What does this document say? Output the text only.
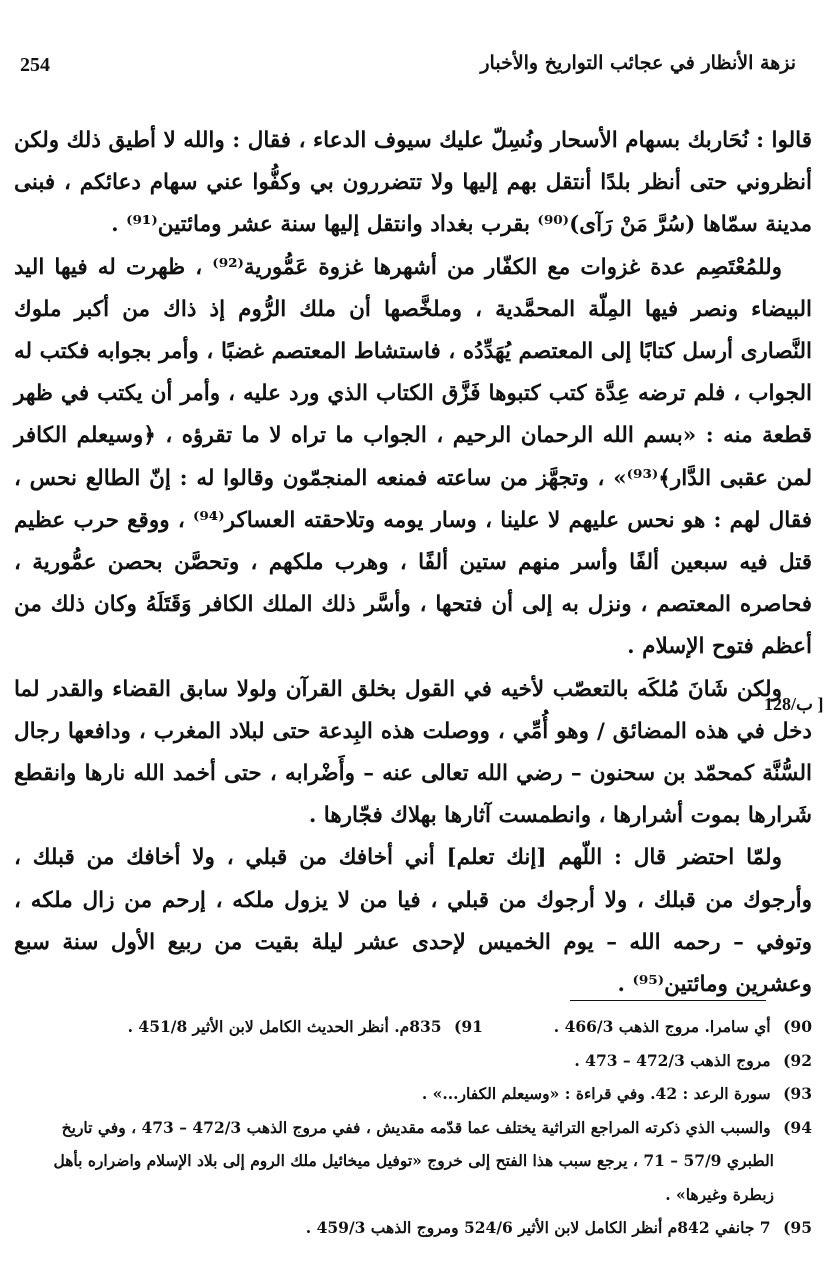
254	نزهة الأنظار في عجائب التواريخ والأخبار

قالوا : نُحَاربك بسهام الأسحار ونُسِلّ عليك سيوف الدعاء ، فقال : والله لا أطيق ذلك ولكن أنظروني حتى أنظر بلدًا أنتقل بهم إليها ولا تتضررون بي وكفُّوا عني سهام دعائكم ، فبنى مدينة سمّاها (سُرَّ مَنْ رَآى)⁽⁹⁰⁾ بقرب بغداد وانتقل إليها سنة عشر ومائتين⁽⁹¹⁾ .

وللمُعْتَصِم عدة غزوات مع الكفّار من أشهرها غزوة عَمُّورية⁽⁹²⁾ ، ظهرت له فيها اليد البيضاء ونصر فيها المِلّة المحمَّدية ، وملخَّصها أن ملك الرُّوم إذ ذاك من أكبر ملوك النَّصارى أرسل كتابًا إلى المعتصم يُهَدِّدُه ، فاستشاط المعتصم غضبًا ، وأمر بجوابه فكتب له الجواب ، فلم ترضه عِدَّة كتب كتبوها فَزَّق الكتاب الذي ورد عليه ، وأمر أن يكتب في ظهر قطعة منه : «بسم الله الرحمان الرحيم ، الجواب ما تراه لا ما تقرؤه ، ﴿وسيعلم الكافر لمن عقبى الدَّار﴾⁽⁹³⁾» ، وتجهَّز من ساعته فمنعه المنجمّون وقالوا له : إنّ الطالع نحس ، فقال لهم : هو نحس عليهم لا علينا ، وسار يومه وتلاحقته العساكر⁽⁹⁴⁾ ، ووقع حرب عظيم قتل فيه سبعين ألفًا وأسر منهم ستين ألفًا ، وهرب ملكهم ، وتحصَّن بحصن عمُّورية ، فحاصره المعتصم ، ونزل به إلى أن فتحها ، وأسَّر ذلك الملك الكافر وَقَتَلَهُ وكان ذلك من أعظم فتوح الإسلام .

ولكن شَانَ مُلكَه بالتعصّب لأخيه في القول بخلق القرآن ولولا سابق القضاء والقدر لما دخل في هذه المضائق / وهو أُمِّي ، ووصلت هذه البِدعة حتى لبلاد المغرب ، ودافعها رجال السُّنَّة كمحمّد بن سحنون – رضي الله تعالى عنه – وأَضْرابه ، حتى أخمد الله نارها وانقطع شَرارها بموت أشرارها ، وانطمست آثارها بهلاك فجّارها .

ولمّا احتضر قال : اللّهم [إنك تعلم] أني أخافك من قبلي ، ولا أخافك من قبلك ، وأرجوك من قبلك ، ولا أرجوك من قبلي ، فيا من لا يزول ملكه ، إرحم من زال ملكه ، وتوفي – رحمه الله – يوم الخميس لإحدى عشر ليلة بقيت من ربيع الأول سنة سبع وعشرين ومائتين⁽⁹⁵⁾ .

128/ب ]

90) أي سامرا. مروج الذهب 466/3 .  91) 835م. أنظر الحديث الكامل لابن الأثير 451/8 .

92) مروج الذهب 472/3 – 473 .

93) سورة الرعد : 42. وفي قراءة : «وسيعلم الكفار...» .

94) والسبب الذي ذكرته المراجع التراثية يختلف عما قدّمه مقديش ، ففي مروج الذهب 472/3 – 473 ، وفي تاريخ

الطبري 57/9 – 71 ، يرجع سبب هذا الفتح إلى خروج «توفيل ميخائيل ملك الروم إلى بلاد الإسلام واضراره بأهل زبطرة وغيرها» .

95) 7 جانفي 842م أنظر الكامل لابن الأثير 524/6 ومروج الذهب 459/3 .
